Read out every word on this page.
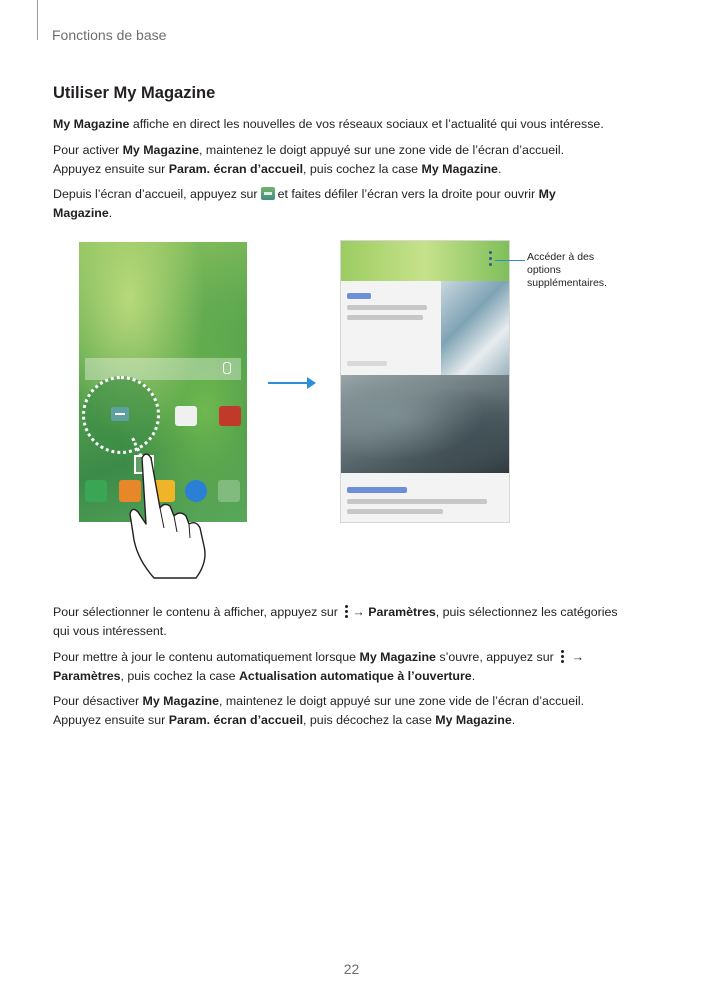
Fonctions de base
Utiliser My Magazine
My Magazine affiche en direct les nouvelles de vos réseaux sociaux et l’actualité qui vous intéresse.
Pour activer My Magazine, maintenez le doigt appuyé sur une zone vide de l’écran d’accueil.
Appuyez ensuite sur Param. écran d’accueil, puis cochez la case My Magazine.
Depuis l’écran d’accueil, appuyez sur et faites défiler l’écran vers la droite pour ouvrir My
Magazine.
Accéder à des options supplémentaires.
Pour sélectionner le contenu à afficher, appuyez sur
→ Paramètres, puis sélectionnez les catégories
qui vous intéressent.
Pour mettre à jour le contenu automatiquement lorsque My Magazine s’ouvre, appuyez sur
→
Paramètres, puis cochez la case Actualisation automatique à l’ouverture.
Pour désactiver My Magazine, maintenez le doigt appuyé sur une zone vide de l’écran d’accueil.
Appuyez ensuite sur Param. écran d’accueil, puis décochez la case My Magazine.
22
